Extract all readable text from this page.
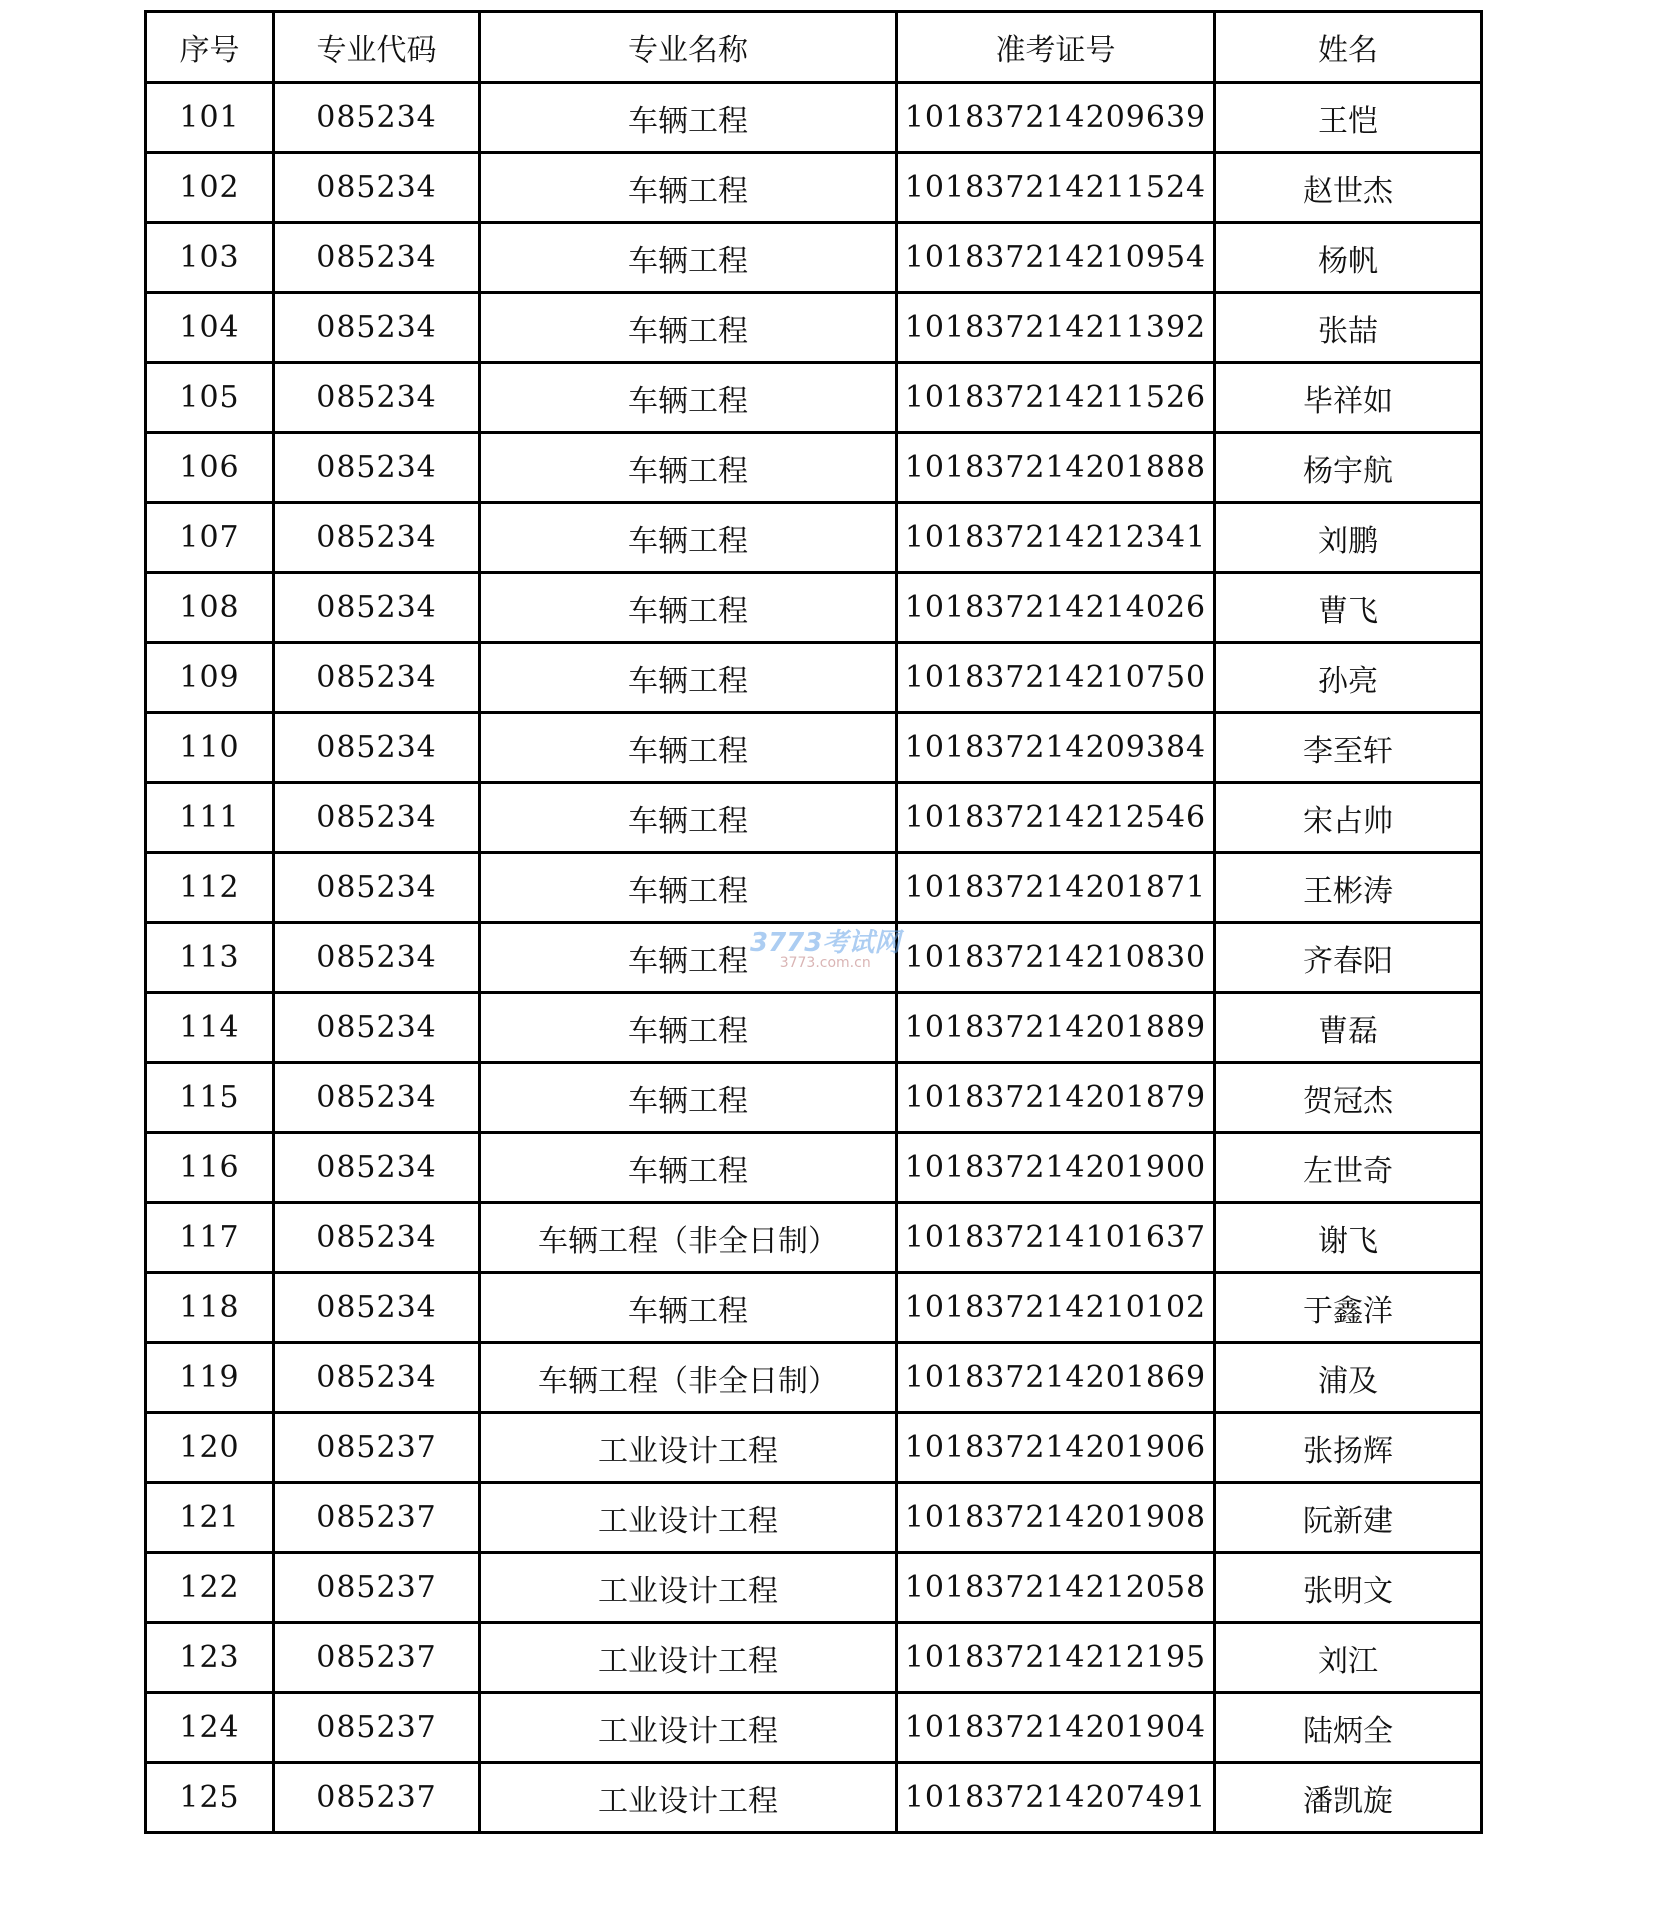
序号	专业代码	专业名称	准考证号	姓名
101	085234	车辆工程	101837214209639	王恺
102	085234	车辆工程	101837214211524	赵世杰
103	085234	车辆工程	101837214210954	杨帆
104	085234	车辆工程	101837214211392	张喆
105	085234	车辆工程	101837214211526	毕祥如
106	085234	车辆工程	101837214201888	杨宇航
107	085234	车辆工程	101837214212341	刘鹏
108	085234	车辆工程	101837214214026	曹飞
109	085234	车辆工程	101837214210750	孙亮
110	085234	车辆工程	101837214209384	李至轩
111	085234	车辆工程	101837214212546	宋占帅
112	085234	车辆工程	101837214201871	王彬涛
113	085234	车辆工程	101837214210830	齐春阳
114	085234	车辆工程	101837214201889	曹磊
115	085234	车辆工程	101837214201879	贺冠杰
116	085234	车辆工程	101837214201900	左世奇
117	085234	车辆工程（非全日制）	101837214101637	谢飞
118	085234	车辆工程	101837214210102	于鑫洋
119	085234	车辆工程（非全日制）	101837214201869	浦及
120	085237	工业设计工程	101837214201906	张扬辉
121	085237	工业设计工程	101837214201908	阮新建
122	085237	工业设计工程	101837214212058	张明文
123	085237	工业设计工程	101837214212195	刘江
124	085237	工业设计工程	101837214201904	陆炳全
125	085237	工业设计工程	101837214207491	潘凯旋
3773考试网
3773.com.cn
